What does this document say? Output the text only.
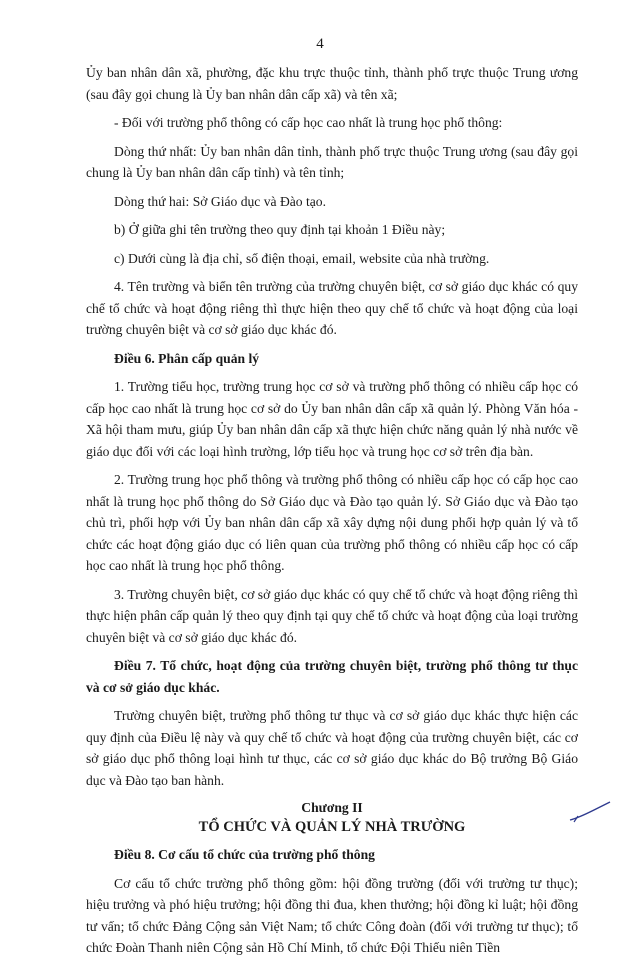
4

Ủy ban nhân dân xã, phường, đặc khu trực thuộc tỉnh, thành phố trực thuộc Trung ương (sau đây gọi chung là Ủy ban nhân dân cấp xã) và tên xã;

- Đối với trường phổ thông có cấp học cao nhất là trung học phổ thông:

Dòng thứ nhất: Ủy ban nhân dân tỉnh, thành phố trực thuộc Trung ương (sau đây gọi chung là Ủy ban nhân dân cấp tỉnh) và tên tỉnh;

Dòng thứ hai: Sở Giáo dục và Đào tạo.

b) Ở giữa ghi tên trường theo quy định tại khoản 1 Điều này;

c) Dưới cùng là địa chỉ, số điện thoại, email, website của nhà trường.

4. Tên trường và biển tên trường của trường chuyên biệt, cơ sở giáo dục khác có quy chế tổ chức và hoạt động riêng thì thực hiện theo quy chế tổ chức và hoạt động của loại trường chuyên biệt và cơ sở giáo dục khác đó.

Điều 6. Phân cấp quản lý

1. Trường tiểu học, trường trung học cơ sở và trường phổ thông có nhiều cấp học có cấp học cao nhất là trung học cơ sở do Ủy ban nhân dân cấp xã quản lý. Phòng Văn hóa - Xã hội tham mưu, giúp Ủy ban nhân dân cấp xã thực hiện chức năng quản lý nhà nước về giáo dục đối với các loại hình trường, lớp tiểu học và trung học cơ sở trên địa bàn.

2. Trường trung học phổ thông và trường phổ thông có nhiều cấp học có cấp học cao nhất là trung học phổ thông do Sở Giáo dục và Đào tạo quản lý. Sở Giáo dục và Đào tạo chủ trì, phối hợp với Ủy ban nhân dân cấp xã xây dựng nội dung phối hợp quản lý và tổ chức các hoạt động giáo dục có liên quan của trường phổ thông có nhiều cấp học có cấp học cao nhất là trung học phổ thông.

3. Trường chuyên biệt, cơ sở giáo dục khác có quy chế tổ chức và hoạt động riêng thì thực hiện phân cấp quản lý theo quy định tại quy chế tổ chức và hoạt động của loại trường chuyên biệt và cơ sở giáo dục khác đó.

Điều 7. Tổ chức, hoạt động của trường chuyên biệt, trường phổ thông tư thục và cơ sở giáo dục khác.

Trường chuyên biệt, trường phổ thông tư thục và cơ sở giáo dục khác thực hiện các quy định của Điều lệ này và quy chế tổ chức và hoạt động của trường chuyên biệt, các cơ sở giáo dục phổ thông loại hình tư thục, các cơ sở giáo dục khác do Bộ trưởng Bộ Giáo dục và Đào tạo ban hành.

Chương II
TỔ CHỨC VÀ QUẢN LÝ NHÀ TRƯỜNG

Điều 8. Cơ cấu tổ chức của trường phổ thông

Cơ cấu tổ chức trường phổ thông gồm: hội đồng trường (đối với trường tư thục); hiệu trưởng và phó hiệu trưởng; hội đồng thi đua, khen thưởng; hội đồng kỉ luật; hội đồng tư vấn; tổ chức Đảng Cộng sản Việt Nam; tổ chức Công đoàn (đối với trường tư thục); tổ chức Đoàn Thanh niên Cộng sản Hồ Chí Minh, tổ chức Đội Thiếu niên Tiền
